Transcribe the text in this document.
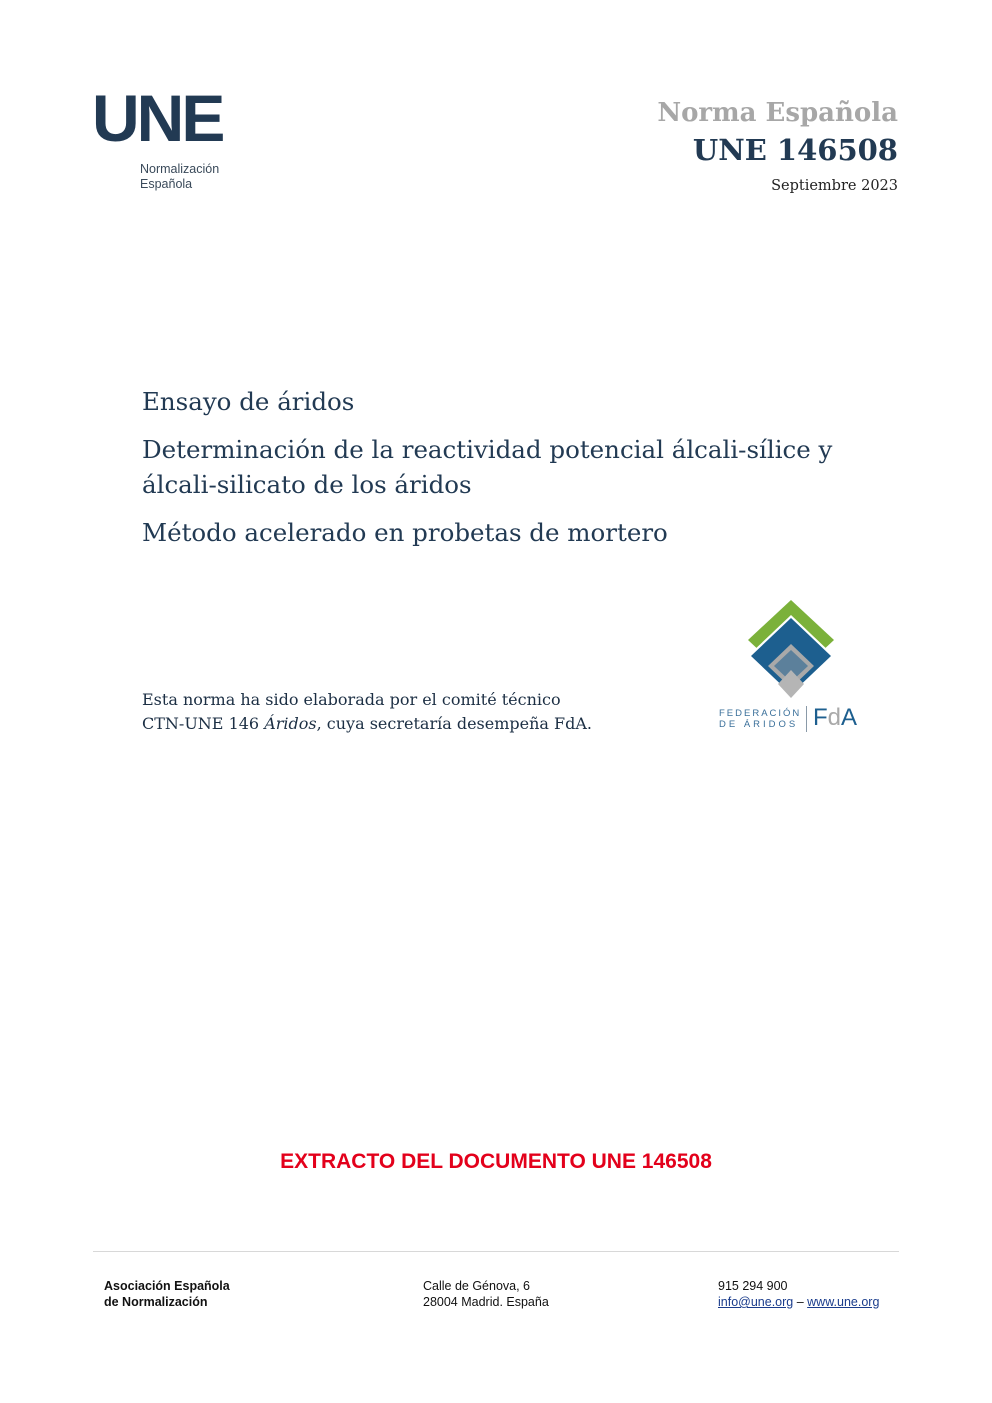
UNE
Normalización
Española
Norma Española
UNE 146508
Septiembre 2023
Ensayo de áridos
Determinación de la reactividad potencial álcali-sílice y
álcali-silicato de los áridos
Método acelerado en probetas de mortero
FEDERACIÓN
DE ÁRIDOS FdA
Esta norma ha sido elaborada por el comité técnico
CTN-UNE 146 Áridos, cuya secretaría desempeña FdA.
EXTRACTO DEL DOCUMENTO UNE 146508
Asociación Española
de Normalización
Calle de Génova, 6
28004 Madrid. España
915 294 900
info@une.org – www.une.org
